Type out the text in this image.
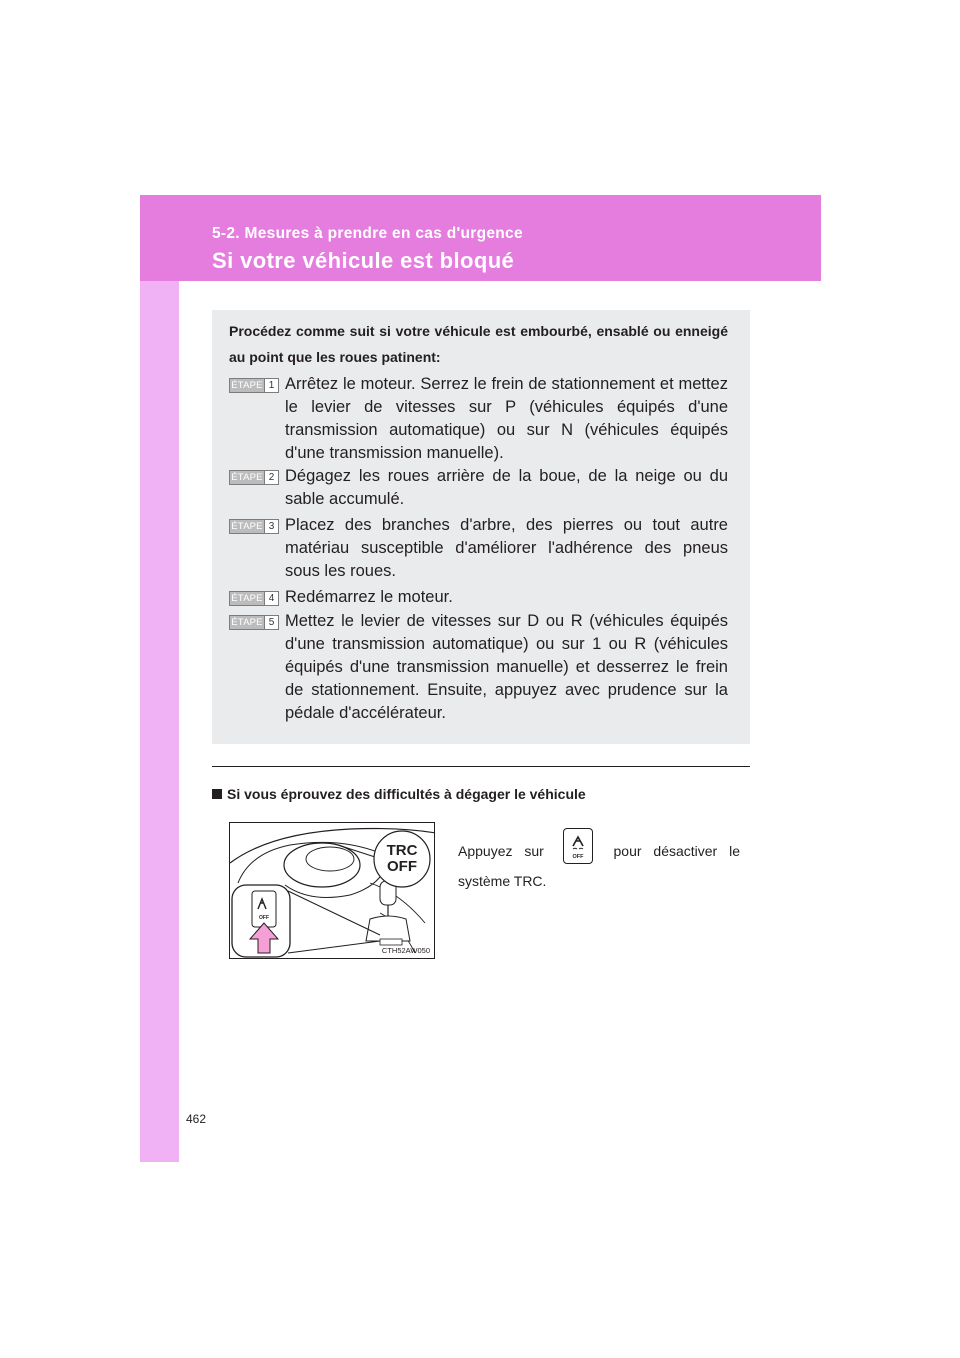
5-2. Mesures à prendre en cas d'urgence
Si votre véhicule est bloqué
Procédez comme suit si votre véhicule est embourbé, ensablé ou enneigé au point que les roues patinent:
ÉTAPE 1 Arrêtez le moteur. Serrez le frein de stationnement et mettez le levier de vitesses sur P (véhicules équipés d'une transmission automatique) ou sur N (véhicules équipés d'une transmission manuelle).
ÉTAPE 2 Dégagez les roues arrière de la boue, de la neige ou du sable accumulé.
ÉTAPE 3 Placez des branches d'arbre, des pierres ou tout autre matériau susceptible d'améliorer l'adhérence des pneus sous les roues.
ÉTAPE 4 Redémarrez le moteur.
ÉTAPE 5 Mettez le levier de vitesses sur D ou R (véhicules équipés d'une transmission automatique) ou sur 1 ou R (véhicules équipés d'une transmission manuelle) et desserrez le frein de stationnement. Ensuite, appuyez avec prudence sur la pédale d'accélérateur.
Si vous éprouvez des difficultés à dégager le véhicule
TRC
OFF
OFF
CTH52AW050
OFF
Appuyez sur	pour désactiver le
système TRC.
462
